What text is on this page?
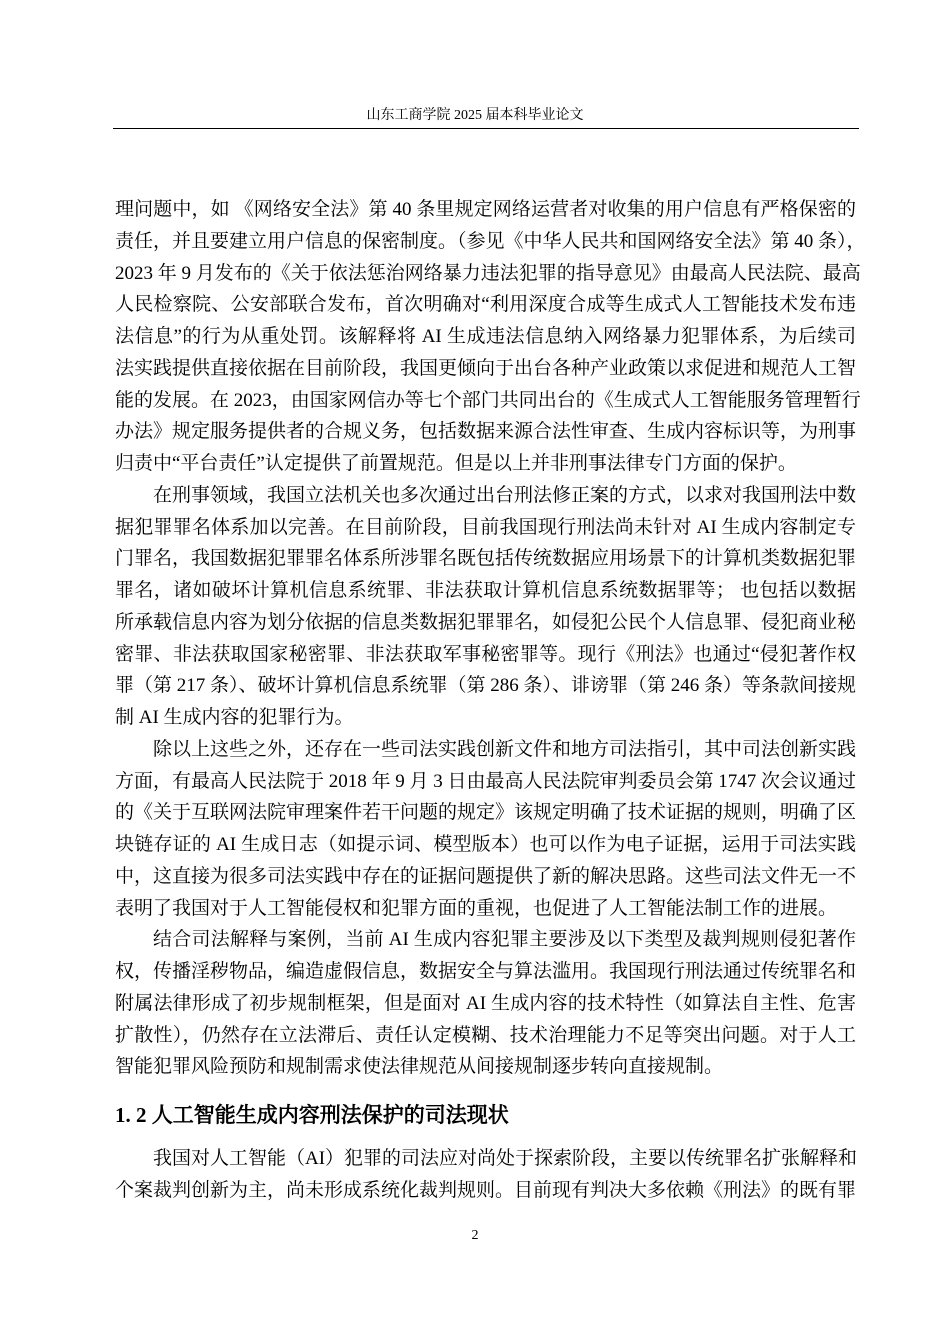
山东工商学院 2025 届本科毕业论文
理问题中，如 《网络安全法》第 40 条里规定网络运营者对收集的用户信息有严格保密的
责任，并且要建立用户信息的保密制度。（参见《中华人民共和国网络安全法》第 40 条），
2023 年 9 月发布的《关于依法惩治网络暴力违法犯罪的指导意见》由最高人民法院、最高
人民检察院、公安部联合发布，首次明确对“利用深度合成等生成式人工智能技术发布违
法信息”的行为从重处罚。该解释将 AI 生成违法信息纳入网络暴力犯罪体系，为后续司
法实践提供直接依据在目前阶段，我国更倾向于出台各种产业政策以求促进和规范人工智
能的发展。在 2023，由国家网信办等七个部门共同出台的《生成式人工智能服务管理暂行
办法》规定服务提供者的合规义务，包括数据来源合法性审查、生成内容标识等，为刑事
归责中“平台责任”认定提供了前置规范。但是以上并非刑事法律专门方面的保护。
在刑事领域，我国立法机关也多次通过出台刑法修正案的方式，以求对我国刑法中数
据犯罪罪名体系加以完善。在目前阶段，目前我国现行刑法尚未针对 AI 生成内容制定专
门罪名，我国数据犯罪罪名体系所涉罪名既包括传统数据应用场景下的计算机类数据犯罪
罪名，诸如破坏计算机信息系统罪、非法获取计算机信息系统数据罪等； 也包括以数据
所承载信息内容为划分依据的信息类数据犯罪罪名，如侵犯公民个人信息罪、侵犯商业秘
密罪、非法获取国家秘密罪、非法获取军事秘密罪等。现行《刑法》也通过“侵犯著作权
罪（第 217 条）、破坏计算机信息系统罪（第 286 条）、诽谤罪（第 246 条）等条款间接规
制 AI 生成内容的犯罪行为。
除以上这些之外，还存在一些司法实践创新文件和地方司法指引，其中司法创新实践
方面，有最高人民法院于 2018 年 9 月 3 日由最高人民法院审判委员会第 1747 次会议通过
的《关于互联网法院审理案件若干问题的规定》该规定明确了技术证据的规则，明确了区
块链存证的 AI 生成日志（如提示词、模型版本）也可以作为电子证据，运用于司法实践
中，这直接为很多司法实践中存在的证据问题提供了新的解决思路。这些司法文件无一不
表明了我国对于人工智能侵权和犯罪方面的重视，也促进了人工智能法制工作的进展。
结合司法解释与案例，当前 AI 生成内容犯罪主要涉及以下类型及裁判规则侵犯著作
权，传播淫秽物品，编造虚假信息，数据安全与算法滥用。我国现行刑法通过传统罪名和
附属法律形成了初步规制框架，但是面对 AI 生成内容的技术特性（如算法自主性、危害
扩散性），仍然存在立法滞后、责任认定模糊、技术治理能力不足等突出问题。对于人工
智能犯罪风险预防和规制需求使法律规范从间接规制逐步转向直接规制。
1. 2 人工智能生成内容刑法保护的司法现状
我国对人工智能（AI）犯罪的司法应对尚处于探索阶段，主要以传统罪名扩张解释和
个案裁判创新为主，尚未形成系统化裁判规则。目前现有判决大多依赖《刑法》的既有罪
2
